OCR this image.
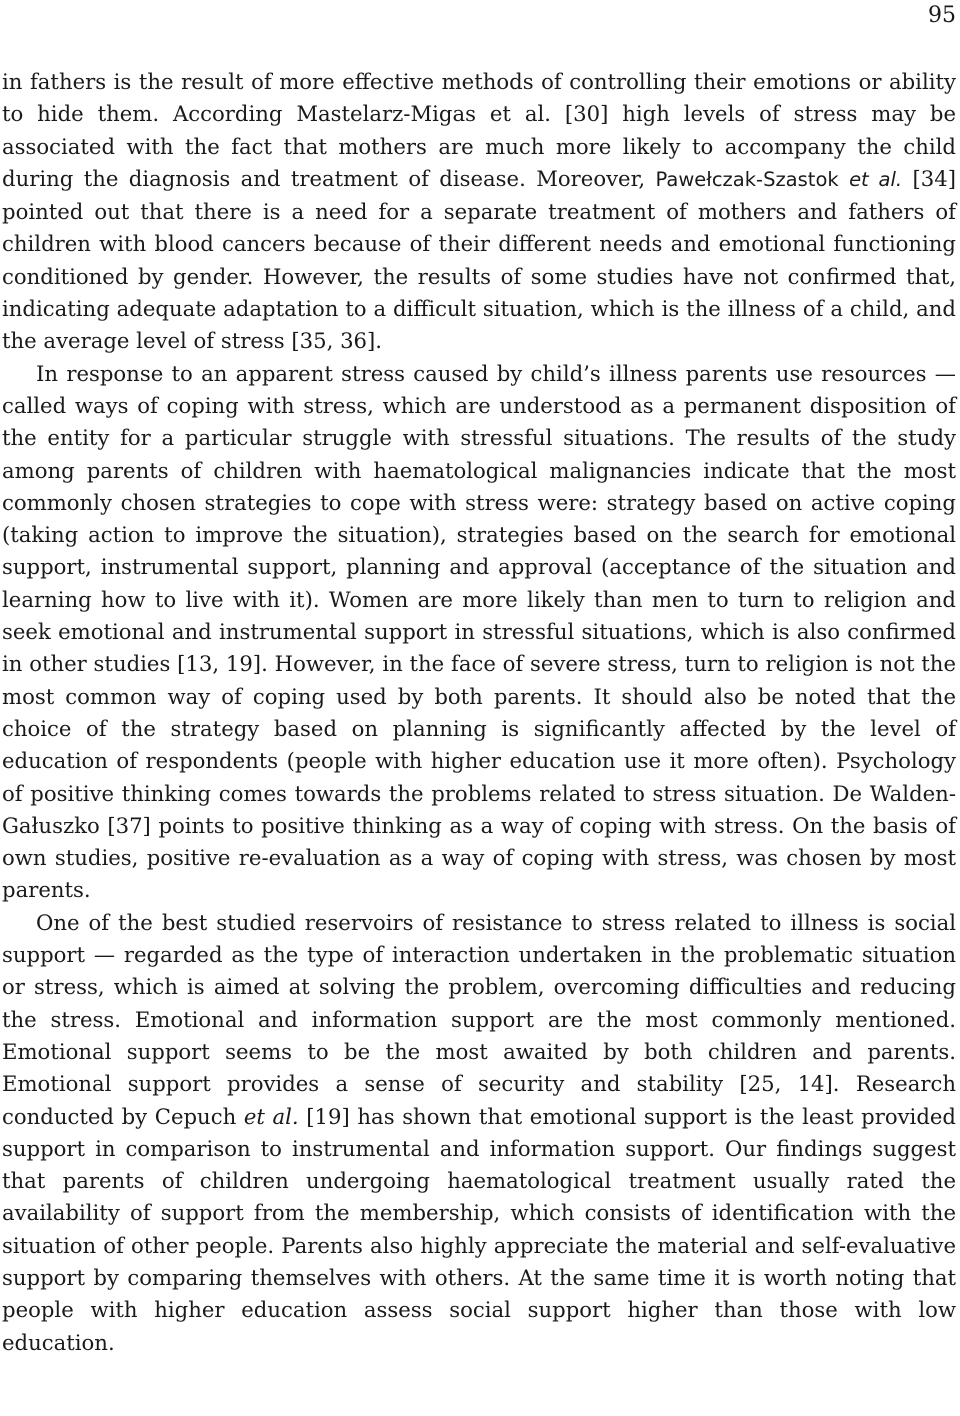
95

in fathers is the result of more effective methods of controlling their emotions or ability to hide them. According Mastelarz-Migas et al. [30] high levels of stress may be associated with the fact that mothers are much more likely to accompany the child during the diagnosis and treatment of disease. Moreover, Pawełczak-Szastok et al. [34] pointed out that there is a need for a separate treatment of mothers and fathers of children with blood cancers because of their different needs and emotional functioning conditioned by gender. However, the results of some studies have not confirmed that, indicating adequate adaptation to a difficult situation, which is the illness of a child, and the average level of stress [35, 36].

In response to an apparent stress caused by child’s illness parents use resources — called ways of coping with stress, which are understood as a permanent disposition of the entity for a particular struggle with stressful situations. The results of the study among parents of children with haematological malignancies indicate that the most commonly chosen strategies to cope with stress were: strategy based on active coping (taking action to improve the situation), strategies based on the search for emotional support, instrumental support, planning and approval (acceptance of the situation and learning how to live with it). Women are more likely than men to turn to religion and seek emotional and instrumental support in stressful situations, which is also confirmed in other studies [13, 19]. However, in the face of severe stress, turn to religion is not the most common way of coping used by both parents. It should also be noted that the choice of the strategy based on planning is significantly affected by the level of education of respondents (people with higher education use it more often). Psychology of positive thinking comes towards the problems related to stress situation. De Walden-Gałuszko [37] points to positive thinking as a way of coping with stress. On the basis of own studies, positive re-evaluation as a way of coping with stress, was chosen by most parents.

One of the best studied reservoirs of resistance to stress related to illness is social support — regarded as the type of interaction undertaken in the problematic situation or stress, which is aimed at solving the problem, overcoming difficulties and reducing the stress. Emotional and information support are the most commonly mentioned. Emotional support seems to be the most awaited by both children and parents. Emotional support provides a sense of security and stability [25, 14]. Research conducted by Cepuch et al. [19] has shown that emotional support is the least provided support in comparison to instrumental and information support. Our findings suggest that parents of children undergoing haematological treatment usually rated the availability of support from the membership, which consists of identification with the situation of other people. Parents also highly appreciate the material and self-evaluative support by comparing themselves with others. At the same time it is worth noting that people with higher education assess social support higher than those with low education.
